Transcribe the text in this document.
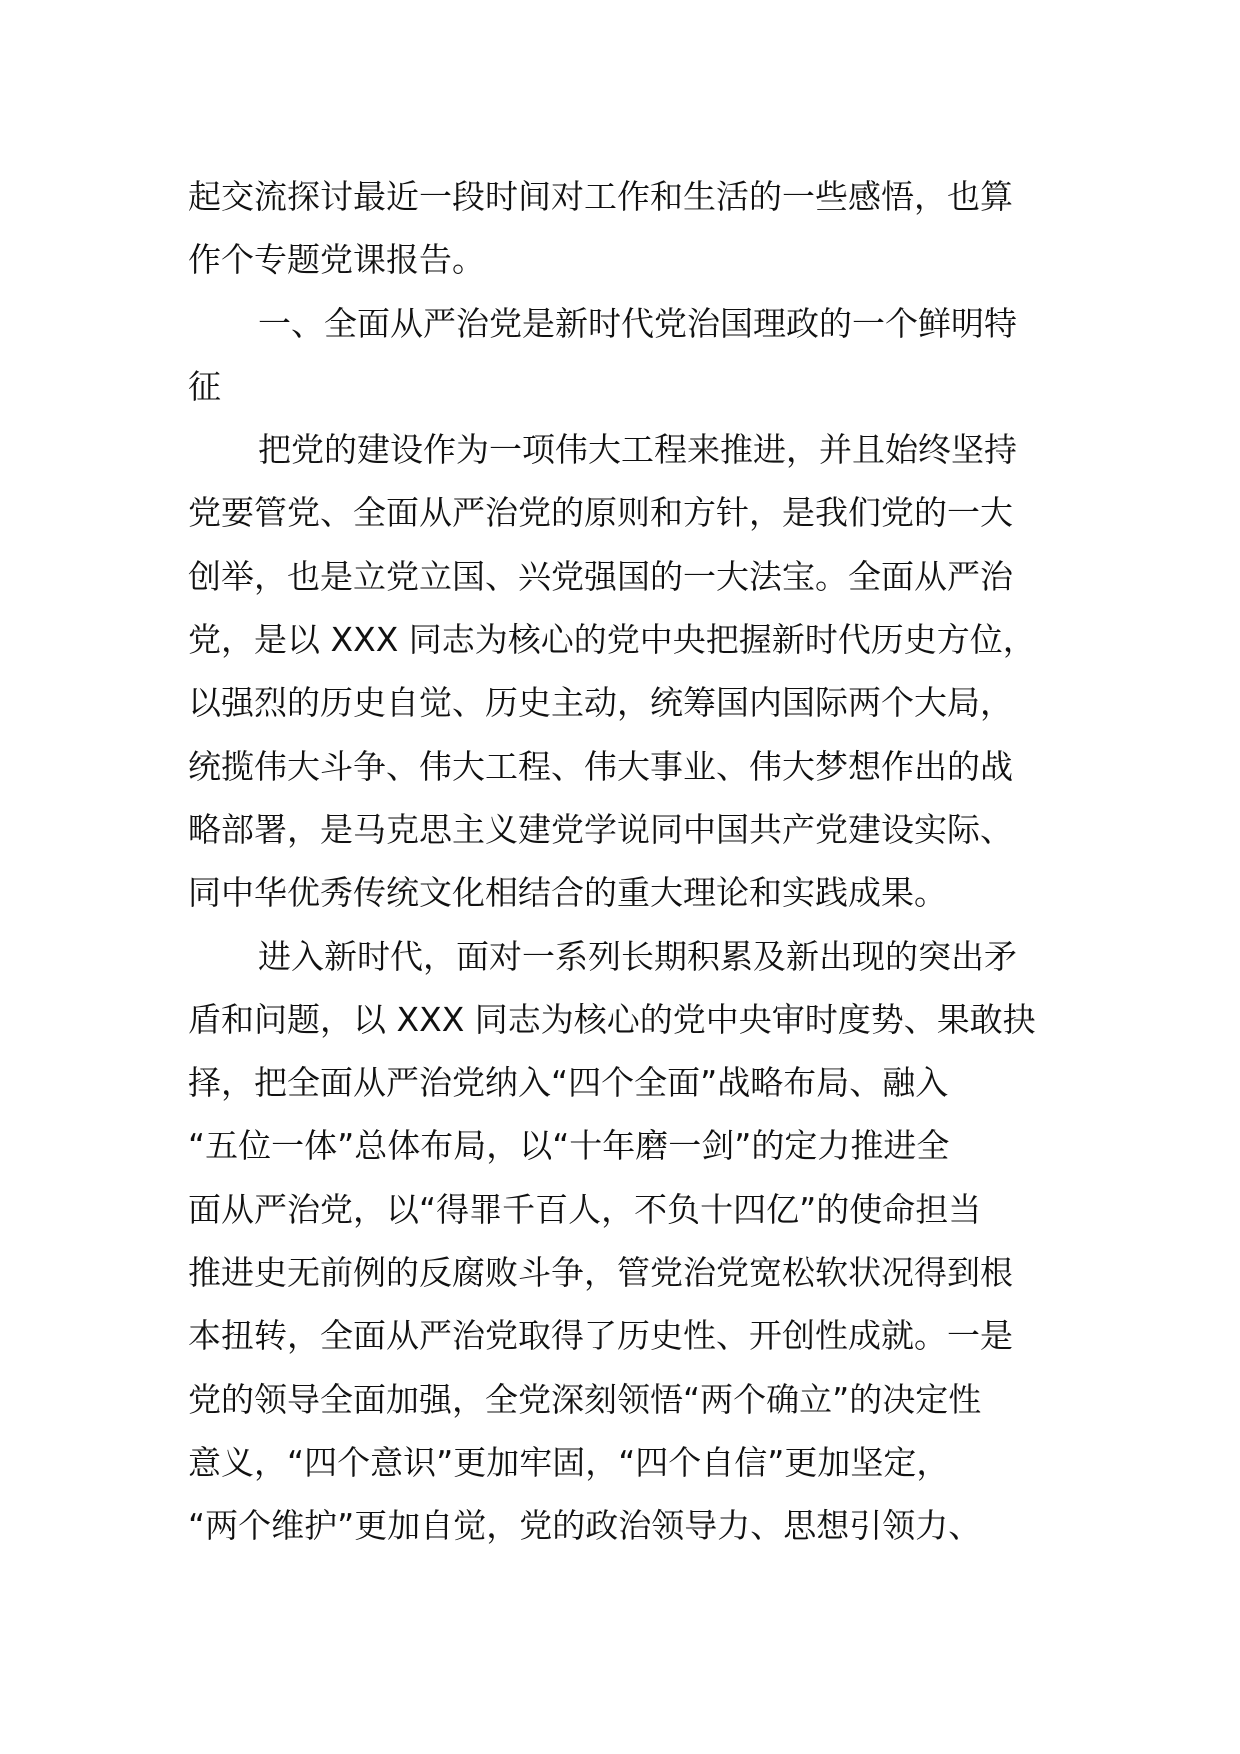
起交流探讨最近一段时间对工作和生活的一些感悟，也算
作个专题党课报告。
一、全面从严治党是新时代党治国理政的一个鲜明特
征
把党的建设作为一项伟大工程来推进，并且始终坚持
党要管党、全面从严治党的原则和方针，是我们党的一大
创举，也是立党立国、兴党强国的一大法宝。全面从严治
党，是以 XXX 同志为核心的党中央把握新时代历史方位，
以强烈的历史自觉、历史主动，统筹国内国际两个大局，
统揽伟大斗争、伟大工程、伟大事业、伟大梦想作出的战
略部署，是马克思主义建党学说同中国共产党建设实际、
同中华优秀传统文化相结合的重大理论和实践成果。
进入新时代，面对一系列长期积累及新出现的突出矛
盾和问题，以 XXX 同志为核心的党中央审时度势、果敢抉
择，把全面从严治党纳入“四个全面”战略布局、融入
“五位一体”总体布局，以“十年磨一剑”的定力推进全
面从严治党，以“得罪千百人，不负十四亿”的使命担当
推进史无前例的反腐败斗争，管党治党宽松软状况得到根
本扭转，全面从严治党取得了历史性、开创性成就。一是
党的领导全面加强，全党深刻领悟“两个确立”的决定性
意义，“四个意识”更加牢固，“四个自信”更加坚定，
“两个维护”更加自觉，党的政治领导力、思想引领力、
